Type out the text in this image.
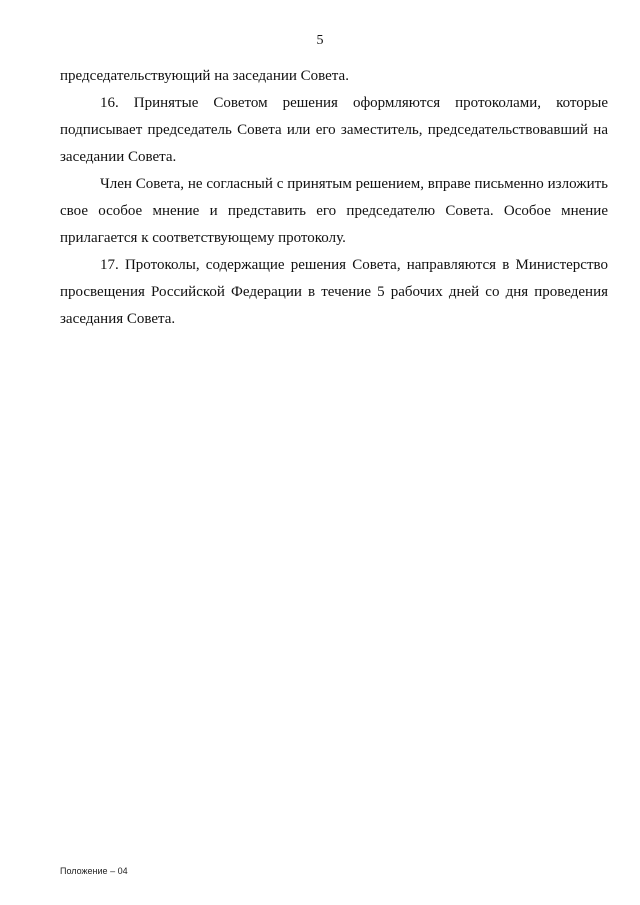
5

председательствующий на заседании Совета.

16. Принятые Советом решения оформляются протоколами, которые подписывает председатель Совета или его заместитель, председательствовавший на заседании Совета.

Член Совета, не согласный с принятым решением, вправе письменно изложить свое особое мнение и представить его председателю Совета. Особое мнение прилагается к соответствующему протоколу.

17. Протоколы, содержащие решения Совета, направляются в Министерство просвещения Российской Федерации в течение 5 рабочих дней со дня проведения заседания Совета.

Положение – 04
